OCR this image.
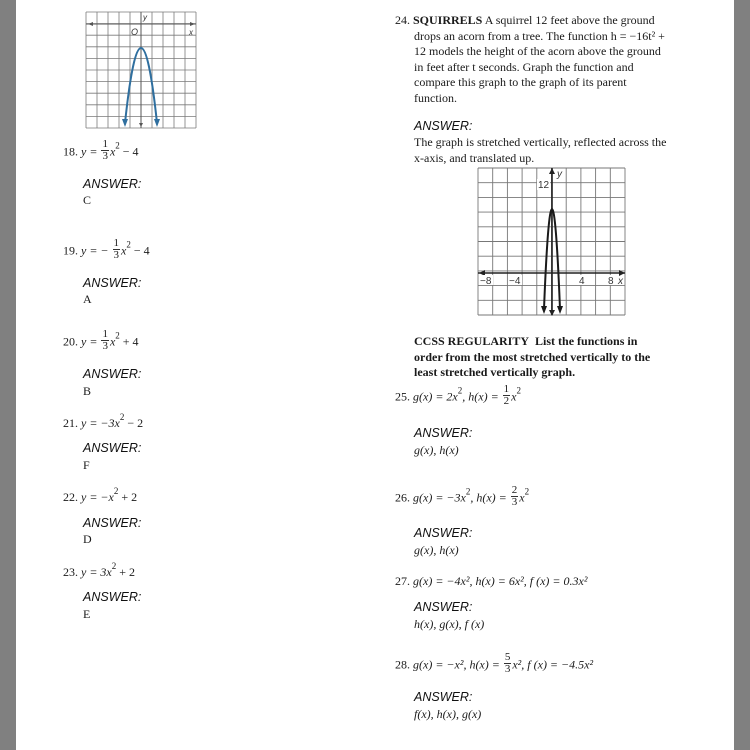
y
x
O
18. $y = \frac{1}{3} x^2 - 4$
ANSWER:
C
19. y = − $\frac{1}{3} x^2 - 4$
ANSWER:
A
20. $y = \frac{1}{3} x^2 + 4$
ANSWER:
B
21. $y = -3x^2 - 2$
ANSWER:
F
22. $y = -x^2 + 2$
ANSWER:
D
23. $y = 3x^2 + 2$
ANSWER:
E
24. SQUIRRELS A squirrel 12 feet above the ground
drops an acorn from a tree. The function h = −16t² +
12 models the height of the acorn above the ground
in feet after t seconds. Graph the function and
compare this graph to the graph of its parent
function.
ANSWER:
The graph is stretched vertically, reflected across the
x-axis, and translated up.
12
y
x
−8 −4	4 8
CCSS REGULARITY List the functions in
order from the most stretched vertically to the
least stretched vertically graph.
25. $g(x) = 2x^2$, $h(x) = \frac{1}{2} x^2$
ANSWER:
g(x), h(x)
26. $g(x) = -3x^2$, $h(x) = \frac{2}{3} x^2$
ANSWER:
g(x), h(x)
27. g(x) = −4x², h(x) = 6x², f (x) = 0.3x²
ANSWER:
h(x), g(x), f (x)
28. g(x) = −x², $h(x) = \frac{5}{3} x^2$, f (x) = −4.5x²
ANSWER:
f(x), h(x), g(x)
